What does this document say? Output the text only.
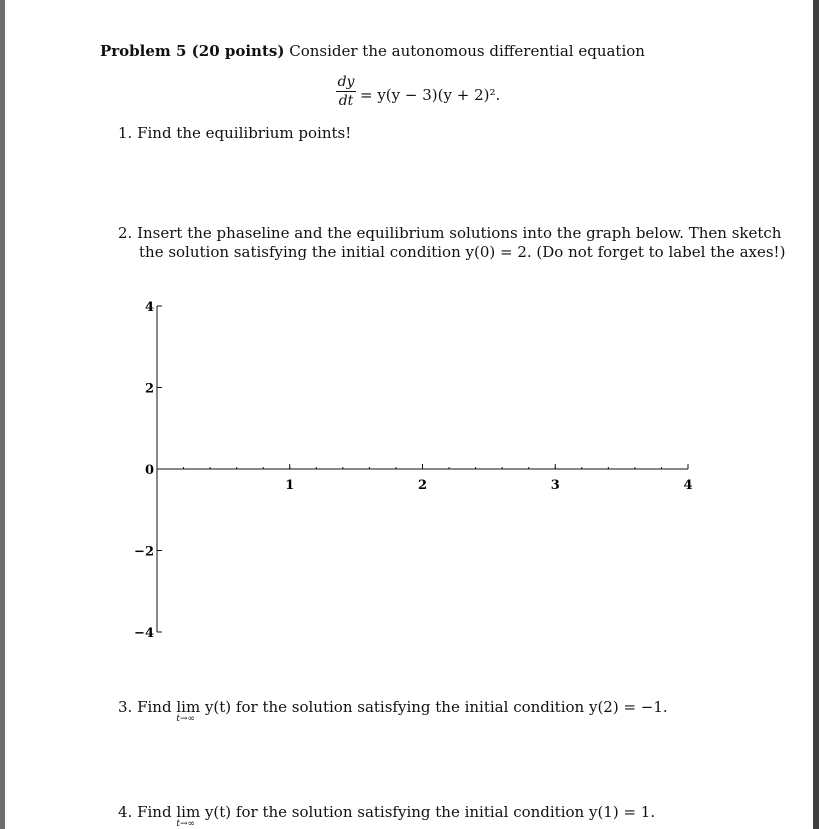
Problem 5 (20 points) Consider the autonomous differential equation
dy
dt = y(y − 3)(y + 2)².
1. Find the equilibrium points!
2. Insert the phaseline and the equilibrium solutions into the graph below. Then sketch
the solution satisfying the initial condition y(0) = 2. (Do not forget to label the axes!)
4
2
0
−2
−4
1	2	3	4
3. Find lim
t→∞
y(t) for the solution satisfying the initial condition y(2) = −1.
4. Find lim
t→∞
y(t) for the solution satisfying the initial condition y(1) = 1.
